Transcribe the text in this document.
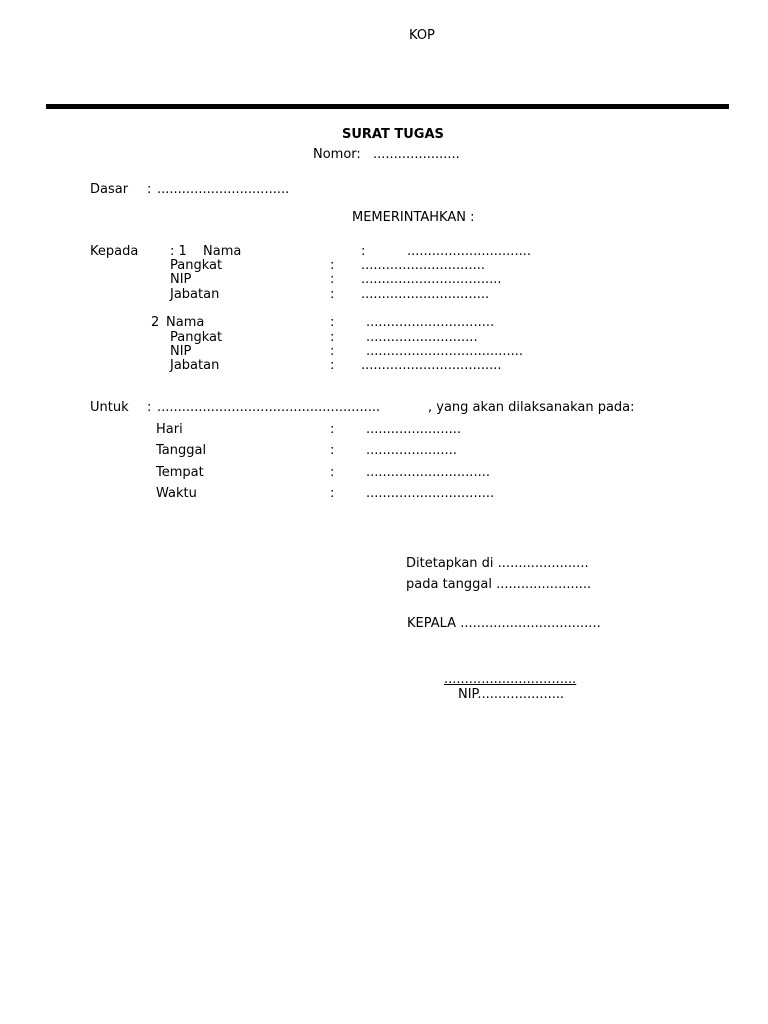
KOP
SURAT TUGAS
Nomor: .....................
Dasar : ................................
MEMERINTAHKAN :
Kepada : 1 Nama	:	..............................
Pangkat	: ..............................
NIP	: ..................................
Jabatan	: ...............................
2 Nama	: ...............................
Pangkat	: ...........................
NIP	: ......................................
Jabatan	: ..................................
Untuk : ......................................................	, yang akan dilaksanakan pada:
Hari	: .......................
Tanggal	: ......................
Tempat	: ..............................
Waktu	: ...............................
Ditetapkan di ......................
pada tanggal .......................
KEPALA ..................................
................................
NIP.....................
